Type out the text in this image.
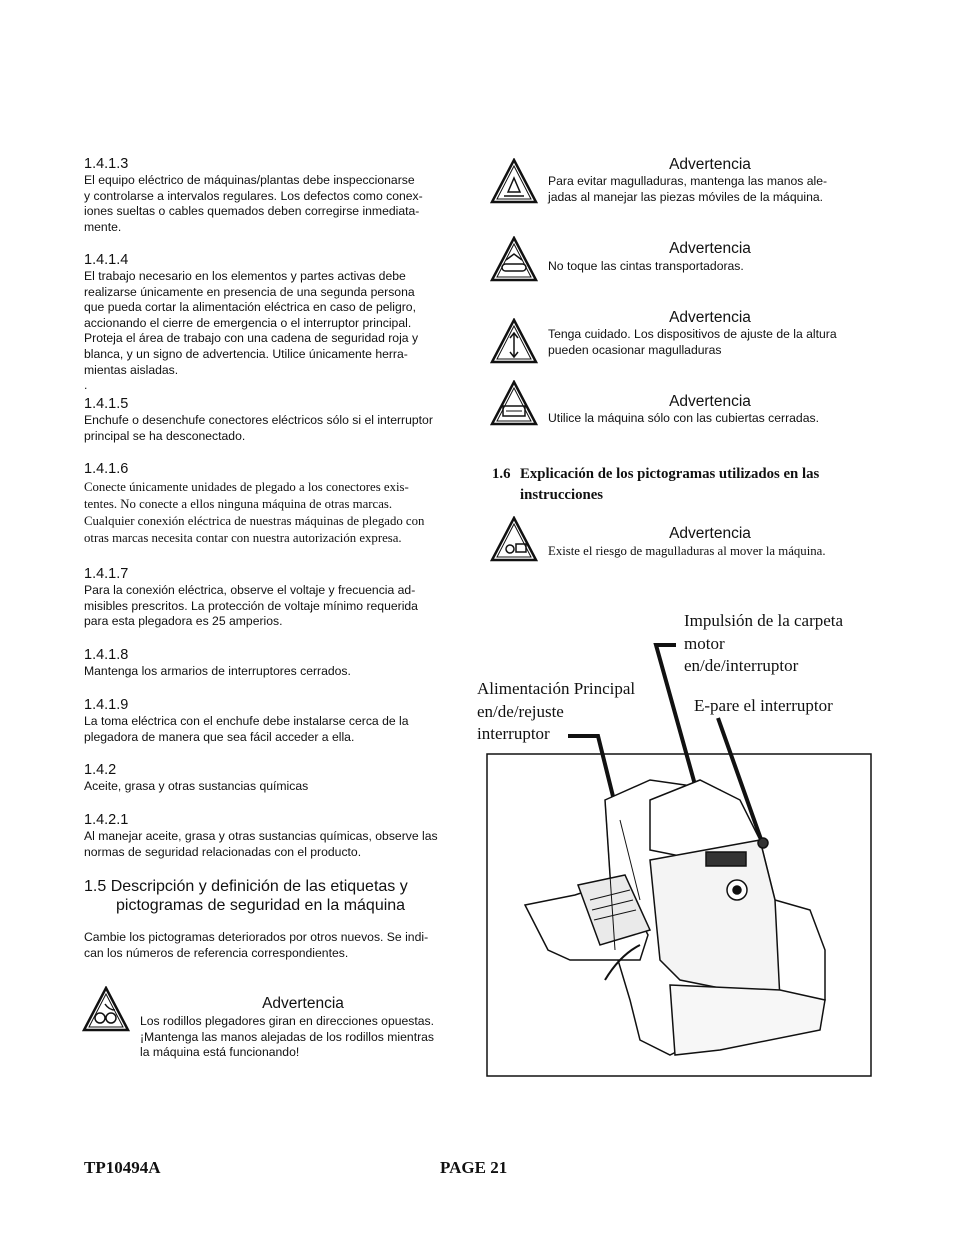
1.4.1.3
El equipo eléctrico de máquinas/plantas debe inspeccionarse
y controlarse a intervalos regulares. Los defectos como conex-
iones sueltas o cables quemados deben corregirse inmediata-
mente.
1.4.1.4
El trabajo necesario en los elementos y partes activas debe
realizarse únicamente en presencia de una segunda persona
que pueda cortar la alimentación eléctrica en caso de peligro,
accionando el cierre de emergencia o el interruptor principal.
Proteja el área de trabajo con una cadena de seguridad roja y
blanca, y un signo de advertencia. Utilice únicamente herra-
mientas aisladas.
.
1.4.1.5
Enchufe o desenchufe conectores eléctricos sólo si el interruptor
principal se ha desconectado.
1.4.1.6
Conecte únicamente unidades de plegado a los conectores exis-
tentes. No conecte a ellos ninguna máquina de otras marcas.
Cualquier conexión eléctrica de nuestras máquinas de plegado con
otras marcas necesita contar con nuestra autorización expresa.
1.4.1.7
Para la conexión eléctrica, observe el voltaje y frecuencia ad-
misibles prescritos. La protección de voltaje mínimo requerida
para esta plegadora es 25 amperios.
1.4.1.8
Mantenga los armarios de interruptores cerrados.
1.4.1.9
La toma eléctrica con el enchufe debe instalarse cerca de la
plegadora de manera que sea fácil acceder a ella.
1.4.2
Aceite, grasa y otras sustancias químicas
1.4.2.1
Al manejar aceite, grasa y otras sustancias químicas, observe las
normas de seguridad relacionadas con el producto.
1.5 Descripción y definición de las etiquetas y
pictogramas de seguridad en la máquina
Cambie los pictogramas deteriorados por otros nuevos. Se indi-
can los números de referencia correspondientes.
Advertencia
Los rodillos plegadores giran en direcciones opuestas.
¡Mantenga las manos alejadas de los rodillos mientras
la máquina está funcionando!
Advertencia
Para evitar magulladuras, mantenga las manos ale-
jadas al manejar las piezas móviles de la máquina.
Advertencia
No toque las cintas transportadoras.
Advertencia
Tenga cuidado. Los dispositivos de ajuste de la altura
pueden ocasionar magulladuras
Advertencia
Utilice la máquina sólo con las cubiertas cerradas.
1.6 Explicación de los pictogramas utilizados en las
instrucciones
Advertencia
Existe el riesgo de magulladuras al mover la máquina.
Impulsión de la carpeta
motor
en/de/interruptor
Alimentación Principal
en/de/rejuste
interruptor
E-pare el interruptor
TP10494A	PAGE 21
